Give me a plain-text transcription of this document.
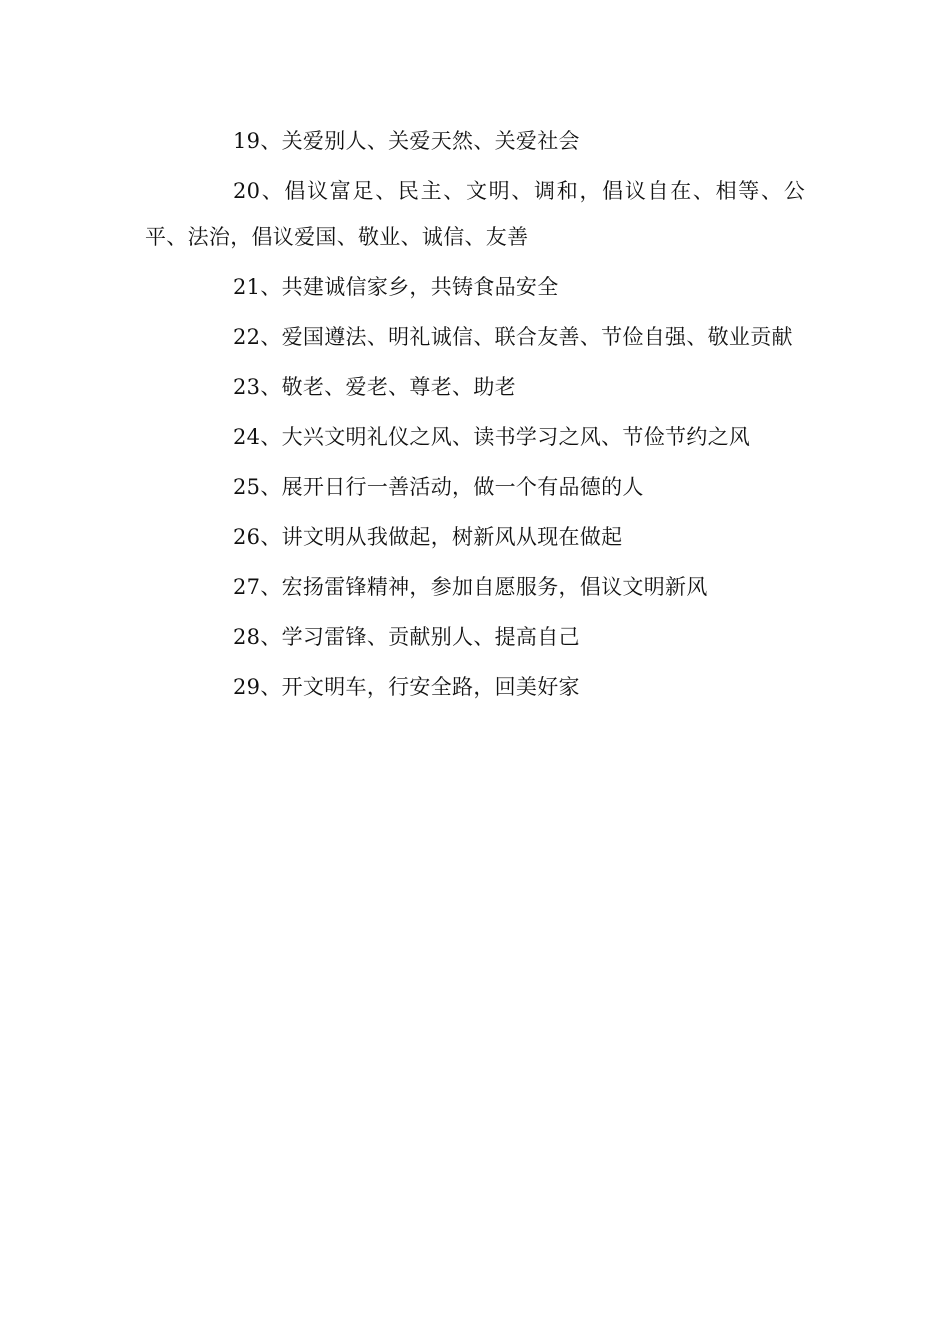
19、关爱别人、关爱天然、关爱社会

20、倡议富足、民主、文明、调和，倡议自在、相等、公平、法治，倡议爱国、敬业、诚信、友善

21、共建诚信家乡，共铸食品安全

22、爱国遵法、明礼诚信、联合友善、节俭自强、敬业贡献

23、敬老、爱老、尊老、助老

24、大兴文明礼仪之风、读书学习之风、节俭节约之风

25、展开日行一善活动，做一个有品德的人

26、讲文明从我做起，树新风从现在做起

27、宏扬雷锋精神，参加自愿服务，倡议文明新风

28、学习雷锋、贡献别人、提高自己

29、开文明车，行安全路，回美好家
